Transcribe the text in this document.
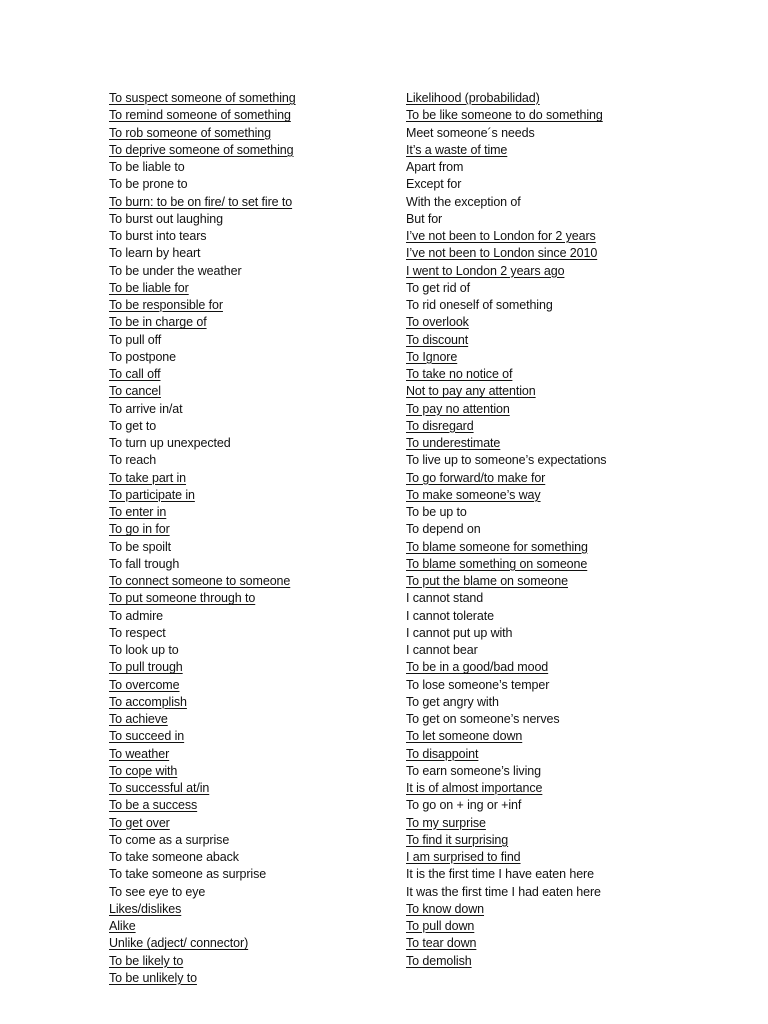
To suspect someone of something
To remind someone of something
To rob someone of something
To deprive someone of something
To be liable to
To be prone to
To burn: to be on fire/ to set fire to
To burst out laughing
To burst into tears
To learn by heart
To be under the weather
To be liable for
To be responsible for
To be in charge of
To pull off
To postpone
To call off
To cancel
To arrive in/at
To get to
To turn up unexpected
To reach
To take part in
To participate in
To enter in
To go in for
To be spoilt
To fall trough
To connect someone to someone
To put someone through to
To admire
To respect
To look up to
To pull trough
To overcome
To accomplish
To achieve
To succeed in
To weather
To cope with
To successful at/in
To be a success
To get over
To come as a surprise
To take someone aback
To take someone as surprise
To see eye to eye
Likes/dislikes
Alike
Unlike (adject/ connector)
To be likely to
To be unlikely to
Likelihood (probabilidad)
To be like someone to do something
Meet someone´s needs
It’s a waste of time
Apart from
Except for
With the exception of
But for
I’ve not been to London for 2 years
I’ve not been to London since 2010
I went to London 2 years ago
To get rid of
To rid oneself of something
To overlook
To discount
To Ignore
To take no notice of
Not to pay any attention
To pay no attention
To disregard
To underestimate
To live up to someone’s expectations
To go forward/to make for
To make someone’s way
To be up to
To depend on
To blame someone for something
To blame something on someone
To put the blame on someone
I cannot stand
I cannot tolerate
I cannot put up with
I cannot bear
To be in a good/bad mood
To lose someone’s temper
To get angry with
To get on someone’s nerves
To let someone down
To disappoint
To earn someone’s living
It is of almost importance
To go on + ing or +inf
To my surprise
To find it surprising
I am surprised to find
It is the first time I have eaten here
It was the first time I had eaten here
To know down
To pull down
To tear down
To demolish
